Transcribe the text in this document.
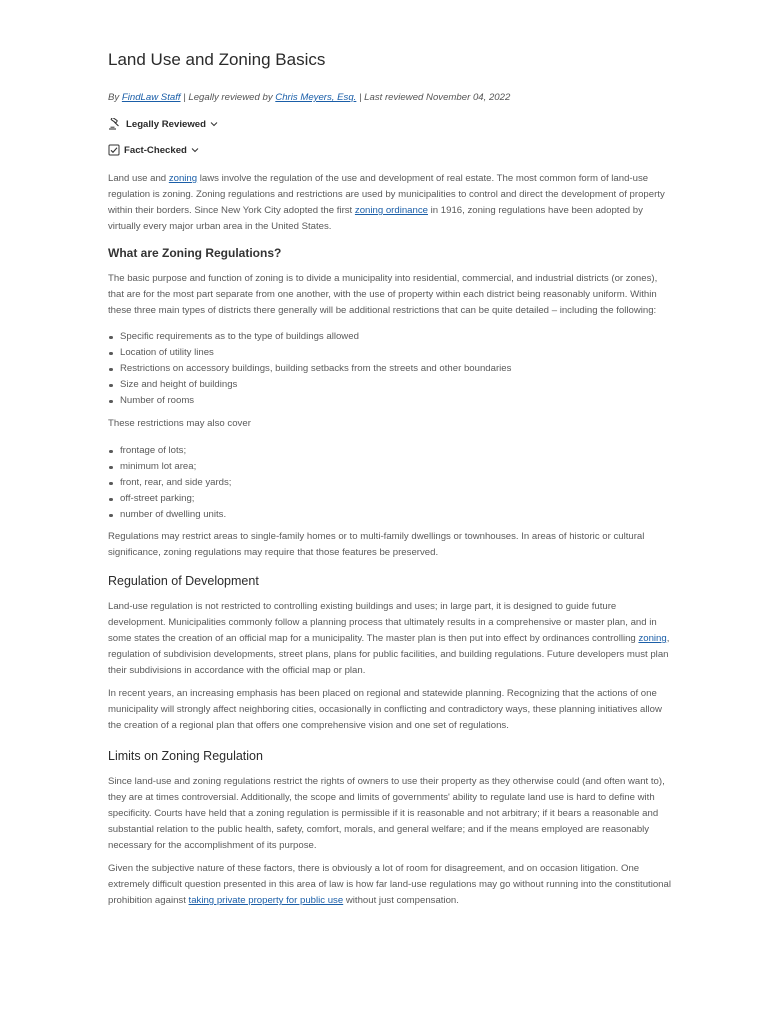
Land Use and Zoning Basics
By FindLaw Staff | Legally reviewed by Chris Meyers, Esq. | Last reviewed November 04, 2022
Legally Reviewed
Fact-Checked

Land use and zoning laws involve the regulation of the use and development of real estate. The most common form of land-use regulation is zoning. Zoning regulations and restrictions are used by municipalities to control and direct the development of property within their borders. Since New York City adopted the first zoning ordinance in 1916, zoning regulations have been adopted by virtually every major urban area in the United States.

What are Zoning Regulations?

The basic purpose and function of zoning is to divide a municipality into residential, commercial, and industrial districts (or zones), that are for the most part separate from one another, with the use of property within each district being reasonably uniform. Within these three main types of districts there generally will be additional restrictions that can be quite detailed – including the following:

Specific requirements as to the type of buildings allowed
Location of utility lines
Restrictions on accessory buildings, building setbacks from the streets and other boundaries
Size and height of buildings
Number of rooms

These restrictions may also cover

frontage of lots;
minimum lot area;
front, rear, and side yards;
off-street parking;
number of dwelling units.

Regulations may restrict areas to single-family homes or to multi-family dwellings or townhouses. In areas of historic or cultural significance, zoning regulations may require that those features be preserved.

Regulation of Development

Land-use regulation is not restricted to controlling existing buildings and uses; in large part, it is designed to guide future development. Municipalities commonly follow a planning process that ultimately results in a comprehensive or master plan, and in some states the creation of an official map for a municipality. The master plan is then put into effect by ordinances controlling zoning, regulation of subdivision developments, street plans, plans for public facilities, and building regulations. Future developers must plan their subdivisions in accordance with the official map or plan.

In recent years, an increasing emphasis has been placed on regional and statewide planning. Recognizing that the actions of one municipality will strongly affect neighboring cities, occasionally in conflicting and contradictory ways, these planning initiatives allow the creation of a regional plan that offers one comprehensive vision and one set of regulations.

Limits on Zoning Regulation

Since land-use and zoning regulations restrict the rights of owners to use their property as they otherwise could (and often want to), they are at times controversial. Additionally, the scope and limits of governments' ability to regulate land use is hard to define with specificity. Courts have held that a zoning regulation is permissible if it is reasonable and not arbitrary; if it bears a reasonable and substantial relation to the public health, safety, comfort, morals, and general welfare; and if the means employed are reasonably necessary for the accomplishment of its purpose.

Given the subjective nature of these factors, there is obviously a lot of room for disagreement, and on occasion litigation. One extremely difficult question presented in this area of law is how far land-use regulations may go without running into the constitutional prohibition against taking private property for public use without just compensation.
